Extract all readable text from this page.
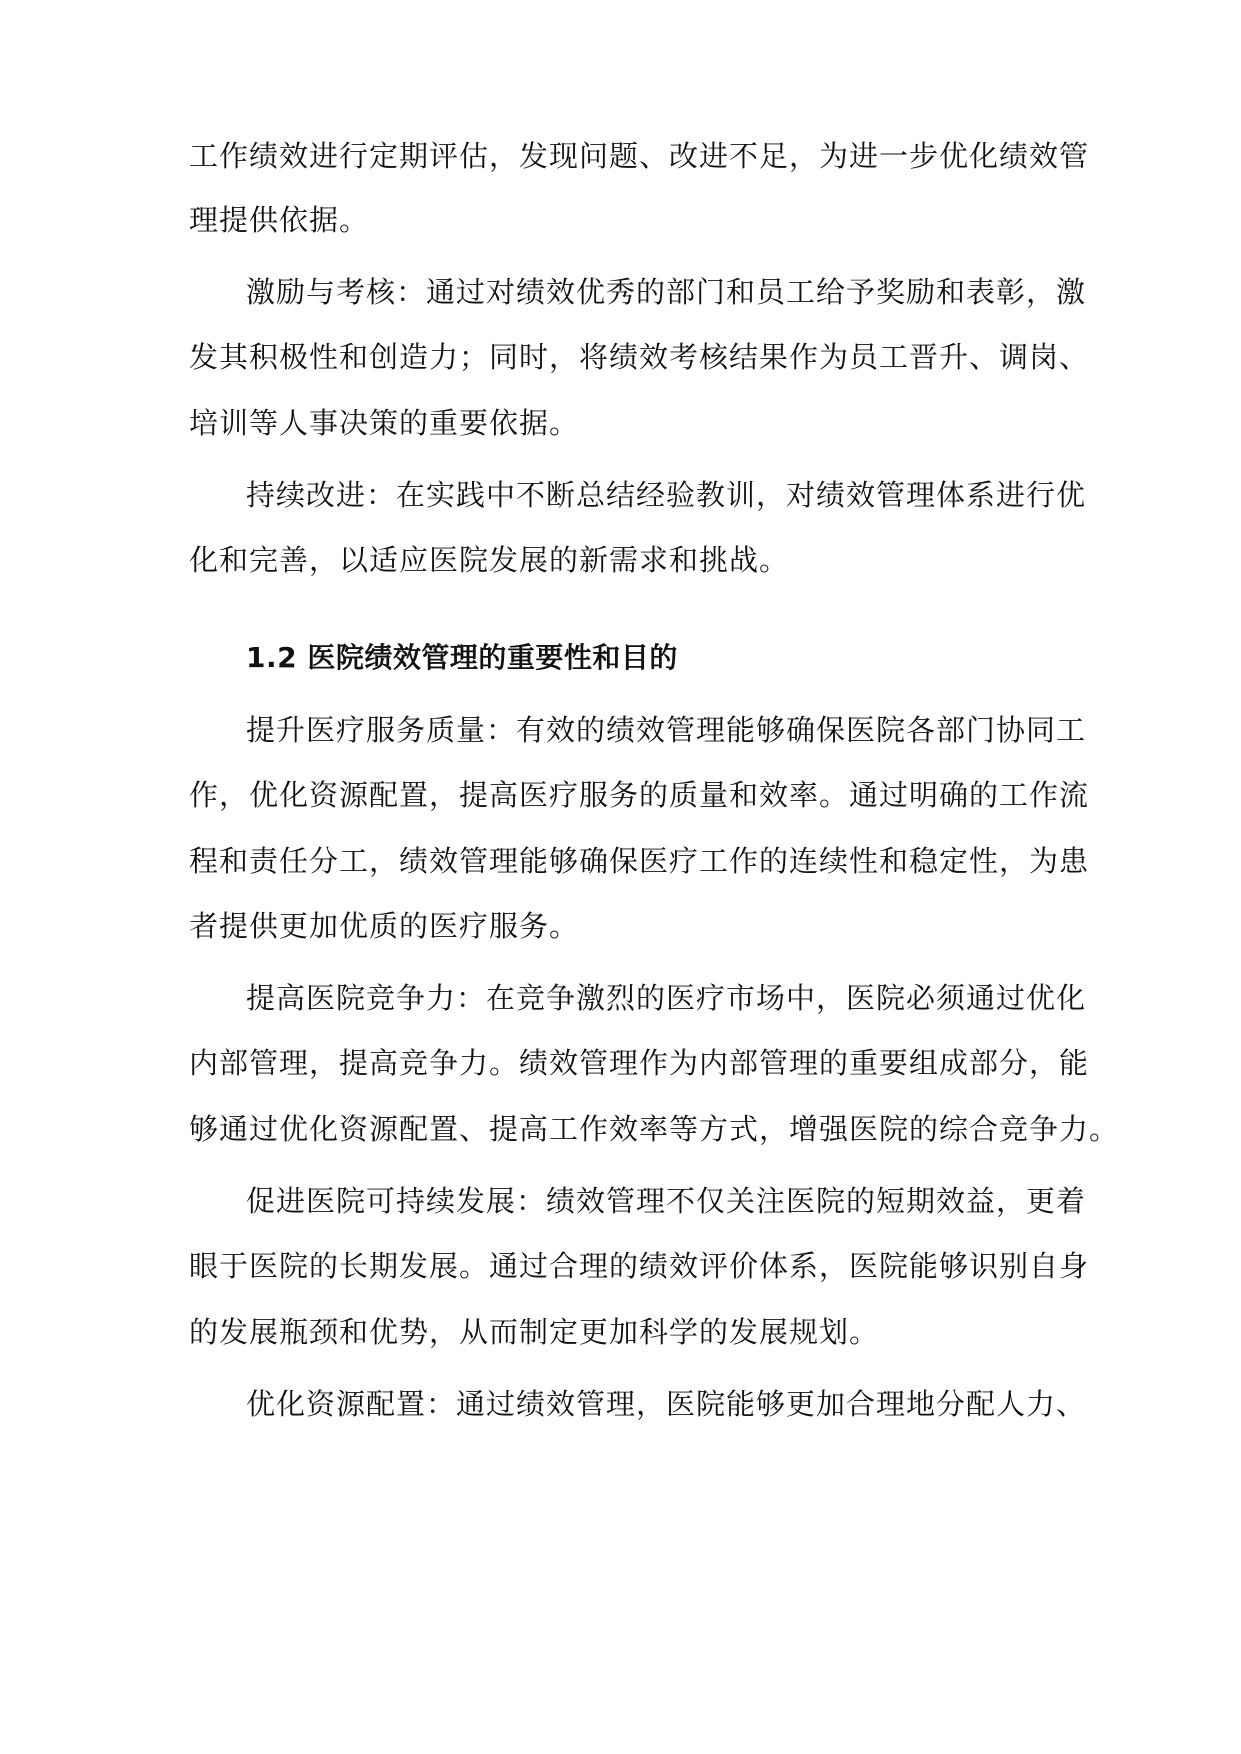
工作绩效进行定期评估，发现问题、改进不足，为进一步优化绩效管
理提供依据。
激励与考核：通过对绩效优秀的部门和员工给予奖励和表彰，激
发其积极性和创造力；同时，将绩效考核结果作为员工晋升、调岗、
培训等人事决策的重要依据。
持续改进：在实践中不断总结经验教训，对绩效管理体系进行优
化和完善，以适应医院发展的新需求和挑战。
1.2 医院绩效管理的重要性和目的
提升医疗服务质量：有效的绩效管理能够确保医院各部门协同工
作，优化资源配置，提高医疗服务的质量和效率。通过明确的工作流
程和责任分工，绩效管理能够确保医疗工作的连续性和稳定性，为患
者提供更加优质的医疗服务。
提高医院竞争力：在竞争激烈的医疗市场中，医院必须通过优化
内部管理，提高竞争力。绩效管理作为内部管理的重要组成部分，能
够通过优化资源配置、提高工作效率等方式，增强医院的综合竞争力。
促进医院可持续发展：绩效管理不仅关注医院的短期效益，更着
眼于医院的长期发展。通过合理的绩效评价体系，医院能够识别自身
的发展瓶颈和优势，从而制定更加科学的发展规划。
优化资源配置：通过绩效管理，医院能够更加合理地分配人力、
